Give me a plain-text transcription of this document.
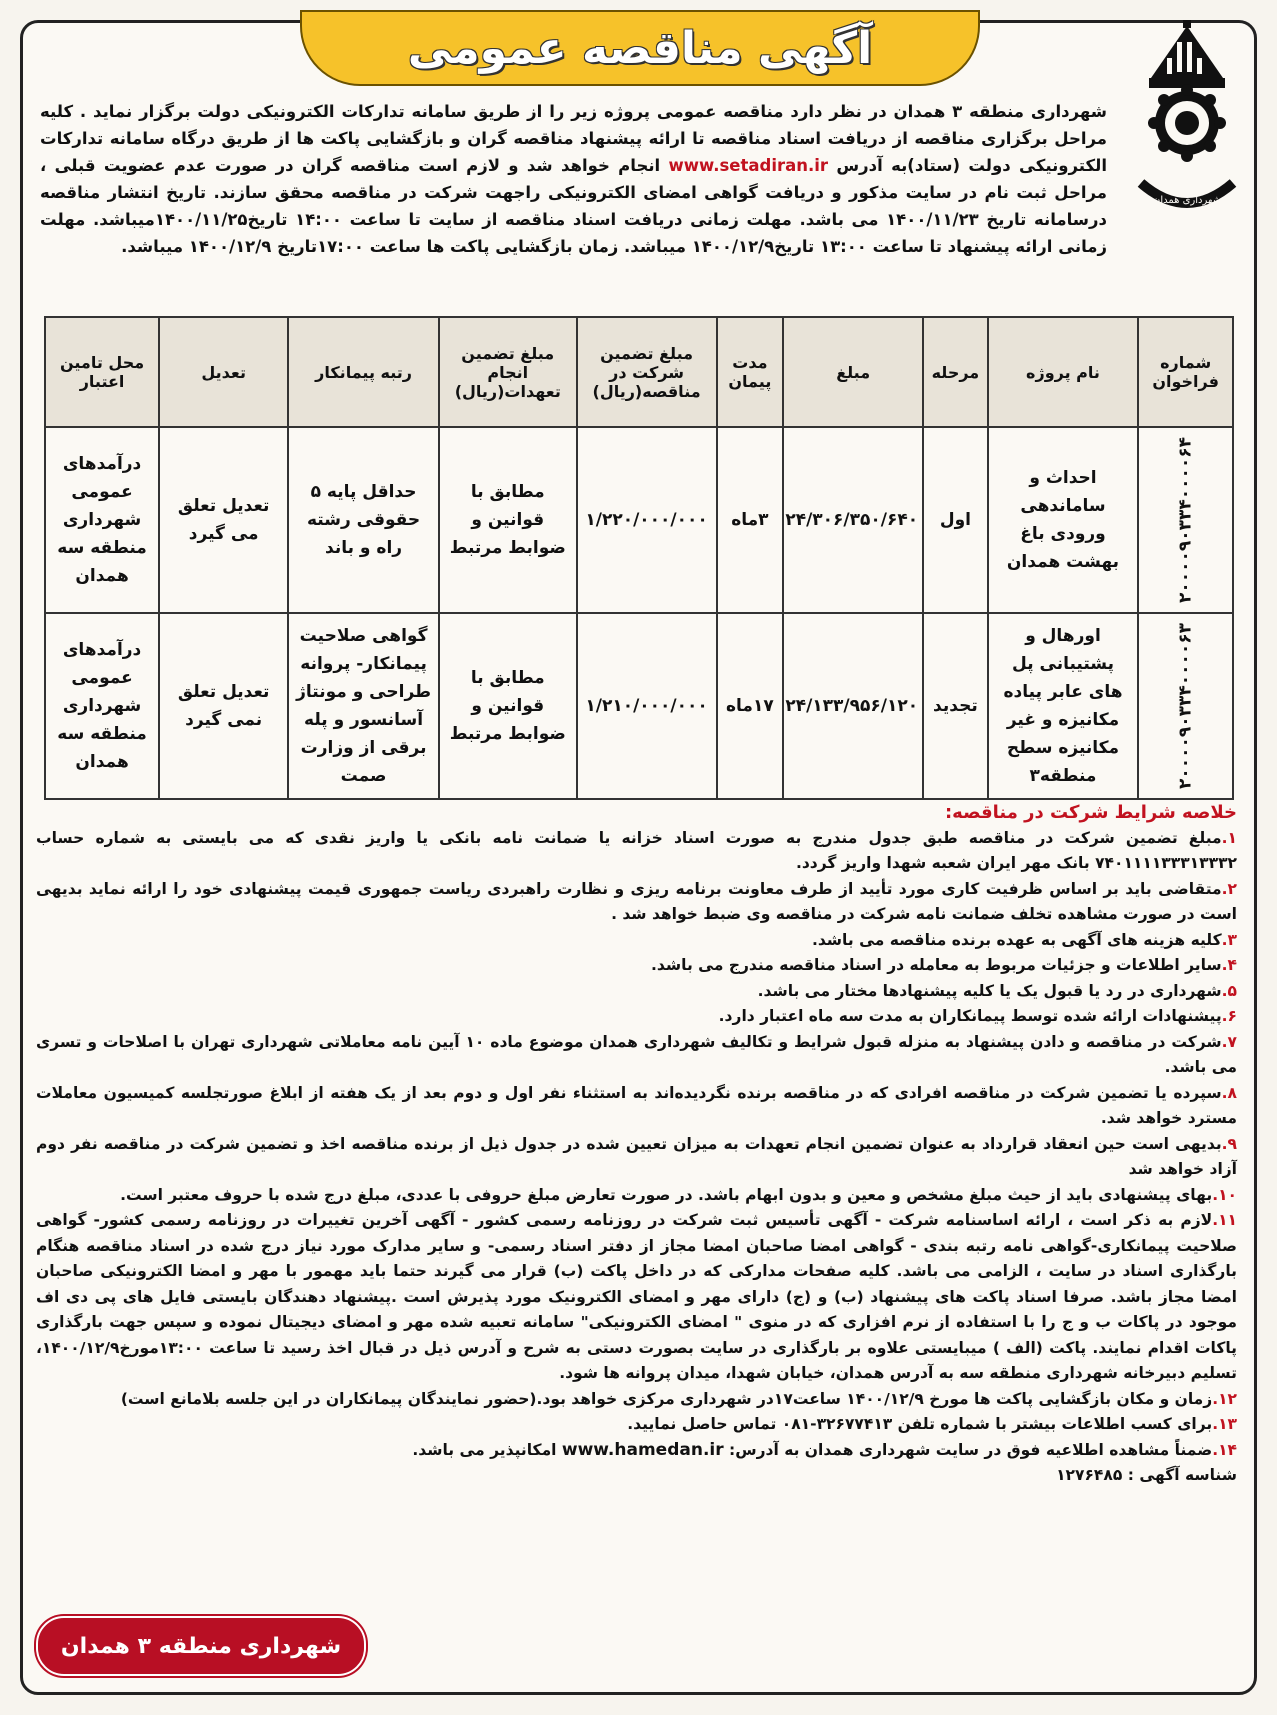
آگهی مناقصه عمومی
شهرداری همدان
شهرداری منطقه ۳ همدان در نظر دارد مناقصه عمومی پروژه زیر را از طریق سامانه تدارکات الکترونیکی دولت برگزار نماید . کلیه مراحل برگزاری مناقصه از دریافت اسناد مناقصه تا ارائه پیشنهاد مناقصه گران و بازگشایی پاکت ها از طریق درگاه سامانه تدارکات الکترونیکی دولت (ستاد)به آدرس www.setadiran.ir انجام خواهد شد و لازم است مناقصه گران در صورت عدم عضویت قبلی ، مراحل ثبت نام در سایت مذکور و دریافت گواهی امضای الکترونیکی راجهت شرکت در مناقصه محقق سازند. تاریخ انتشار مناقصه درسامانه تاریخ ۱۴۰۰/۱۱/۲۳ می باشد. مهلت زمانی دریافت اسناد مناقصه از سایت تا ساعت ۱۴:۰۰ تاریخ۱۴۰۰/۱۱/۲۵میباشد. مهلت زمانی ارائه پیشنهاد تا ساعت ۱۳:۰۰ تاریخ۱۴۰۰/۱۲/۹ میباشد. زمان بازگشایی پاکت ها ساعت ۱۷:۰۰تاریخ ۱۴۰۰/۱۲/۹ میباشد.
شماره فراخوان	نام پروژه	مرحله	مبلغ	مدت پیمان	مبلغ تضمین شرکت در مناقصه(ریال)	مبلغ تضمین انجام تعهدات(ریال)	رتبه پیمانکار	تعدیل	محل تامین اعتبار
۲۰۰۰۰۹۰۳۳۴۰۰۰۰۶۴	احداث و ساماندهی ورودی باغ بهشت همدان	اول	۲۴/۳۰۶/۳۵۰/۶۴۰	۳ماه	۱/۲۲۰/۰۰۰/۰۰۰	مطابق با قوانین و ضوابط مرتبط	حداقل پایه ۵ حقوقی رشته راه و باند	تعدیل تعلق می گیرد	درآمدهای عمومی شهرداری منطقه سه همدان
۲۰۰۰۰۹۰۳۳۴۰۰۰۰۶۳	اورهال و پشتیبانی پل های عابر پیاده مکانیزه و غیر مکانیزه سطح منطقه۳	تجدید	۲۴/۱۳۳/۹۵۶/۱۲۰	۱۷ماه	۱/۲۱۰/۰۰۰/۰۰۰	مطابق با قوانین و ضوابط مرتبط	گواهی صلاحیت پیمانکار- پروانه طراحی و مونتاژ آسانسور و پله برقی از وزارت صمت	تعدیل تعلق نمی گیرد	درآمدهای عمومی شهرداری منطقه سه همدان

خلاصه شرایط شرکت در مناقصه:

۱.مبلغ تضمین شرکت در مناقصه طبق جدول مندرج به صورت اسناد خزانه یا ضمانت نامه بانکی یا واریز نقدی که می بایستی به شماره حساب ۷۴۰۱۱۱۱۳۳۳۱۳۳۳۲ بانک مهر ایران شعبه شهدا واریز گردد.

۲.متقاضی باید بر اساس ظرفیت کاری مورد تأیید از طرف معاونت برنامه ریزی و نظارت راهبردی ریاست جمهوری قیمت پیشنهادی خود را ارائه نماید بدیهی است در صورت مشاهده تخلف ضمانت نامه شرکت در مناقصه وی ضبط خواهد شد .

۳.کلیه هزینه های آگهی به عهده برنده مناقصه می باشد.

۴.سایر اطلاعات و جزئیات مربوط به معامله در اسناد مناقصه مندرج می باشد.

۵.شهرداری در رد یا قبول یک یا کلیه پیشنهادها مختار می باشد.

۶.پیشنهادات ارائه شده توسط پیمانکاران به مدت سه ماه اعتبار دارد.

۷.شرکت در مناقصه و دادن پیشنهاد به منزله قبول شرایط و تکالیف شهرداری همدان موضوع ماده ۱۰ آیین نامه معاملاتی شهرداری تهران با اصلاحات و تسری می باشد.

۸.سپرده یا تضمین شرکت در مناقصه افرادی که در مناقصه برنده نگردیده‌اند به استثناء نفر اول و دوم بعد از یک هفته از ابلاغ صورتجلسه کمیسیون معاملات مسترد خواهد شد.

۹.بدیهی است حین انعقاد قرارداد به عنوان تضمین انجام تعهدات به میزان تعیین شده در جدول ذیل از برنده مناقصه اخذ و تضمین شرکت در مناقصه نفر دوم آزاد خواهد شد

۱۰.بهای پیشنهادی باید از حیث مبلغ مشخص و معین و بدون ابهام باشد. در صورت تعارض مبلغ حروفی با عددی، مبلغ درج شده با حروف معتبر است.

۱۱.لازم به ذکر است ، ارائه اساسنامه شرکت - آگهی تأسیس ثبت شرکت در روزنامه رسمی کشور - آگهی آخرین تغییرات در روزنامه رسمی کشور- گواهی صلاحیت پیمانکاری-گواهی نامه رتبه بندی - گواهی امضا صاحبان امضا مجاز از دفتر اسناد رسمی- و سایر مدارک مورد نیاز درج شده در اسناد مناقصه هنگام بارگذاری اسناد در سایت ، الزامی می باشد. کلیه صفحات مدارکی که در داخل پاکت (ب) قرار می گیرند حتما باید مهمور با مهر و امضا الکترونیکی صاحبان امضا مجاز باشد. صرفا اسناد پاکت های پیشنهاد (ب) و (ج) دارای مهر و امضای الکترونیک مورد پذیرش است .پیشنهاد دهندگان بایستی فایل های پی دی اف موجود در پاکات ب و ج را با استفاده از نرم افزاری که در منوی " امضای الکترونیکی" سامانه تعبیه شده مهر و امضای دیجیتال نموده و سپس جهت بارگذاری پاکات اقدام نمایند. پاکت (الف ) میبایستی علاوه بر بارگذاری در سایت بصورت دستی به شرح و آدرس ذیل در قبال اخذ رسید تا ساعت ۱۳:۰۰مورخ۱۴۰۰/۱۲/۹، تسلیم دبیرخانه شهرداری منطقه سه به آدرس همدان، خیابان شهدا، میدان پروانه ها شود.

۱۲.زمان و مکان بازگشایی پاکت ها مورخ ۱۴۰۰/۱۲/۹ ساعت۱۷در شهرداری مرکزی خواهد بود.(حضور نمایندگان پیمانکاران در این جلسه بلامانع است)

۱۳.برای کسب اطلاعات بیشتر با شماره تلفن ۳۲۶۷۷۴۱۳-۰۸۱ تماس حاصل نمایید.

۱۴.ضمناً مشاهده اطلاعیه فوق در سایت شهرداری همدان به آدرس: www.hamedan.ir امکانپذیر می باشد.

شناسه آگهی : ۱۲۷۶۴۸۵

شهرداری منطقه ۳ همدان
